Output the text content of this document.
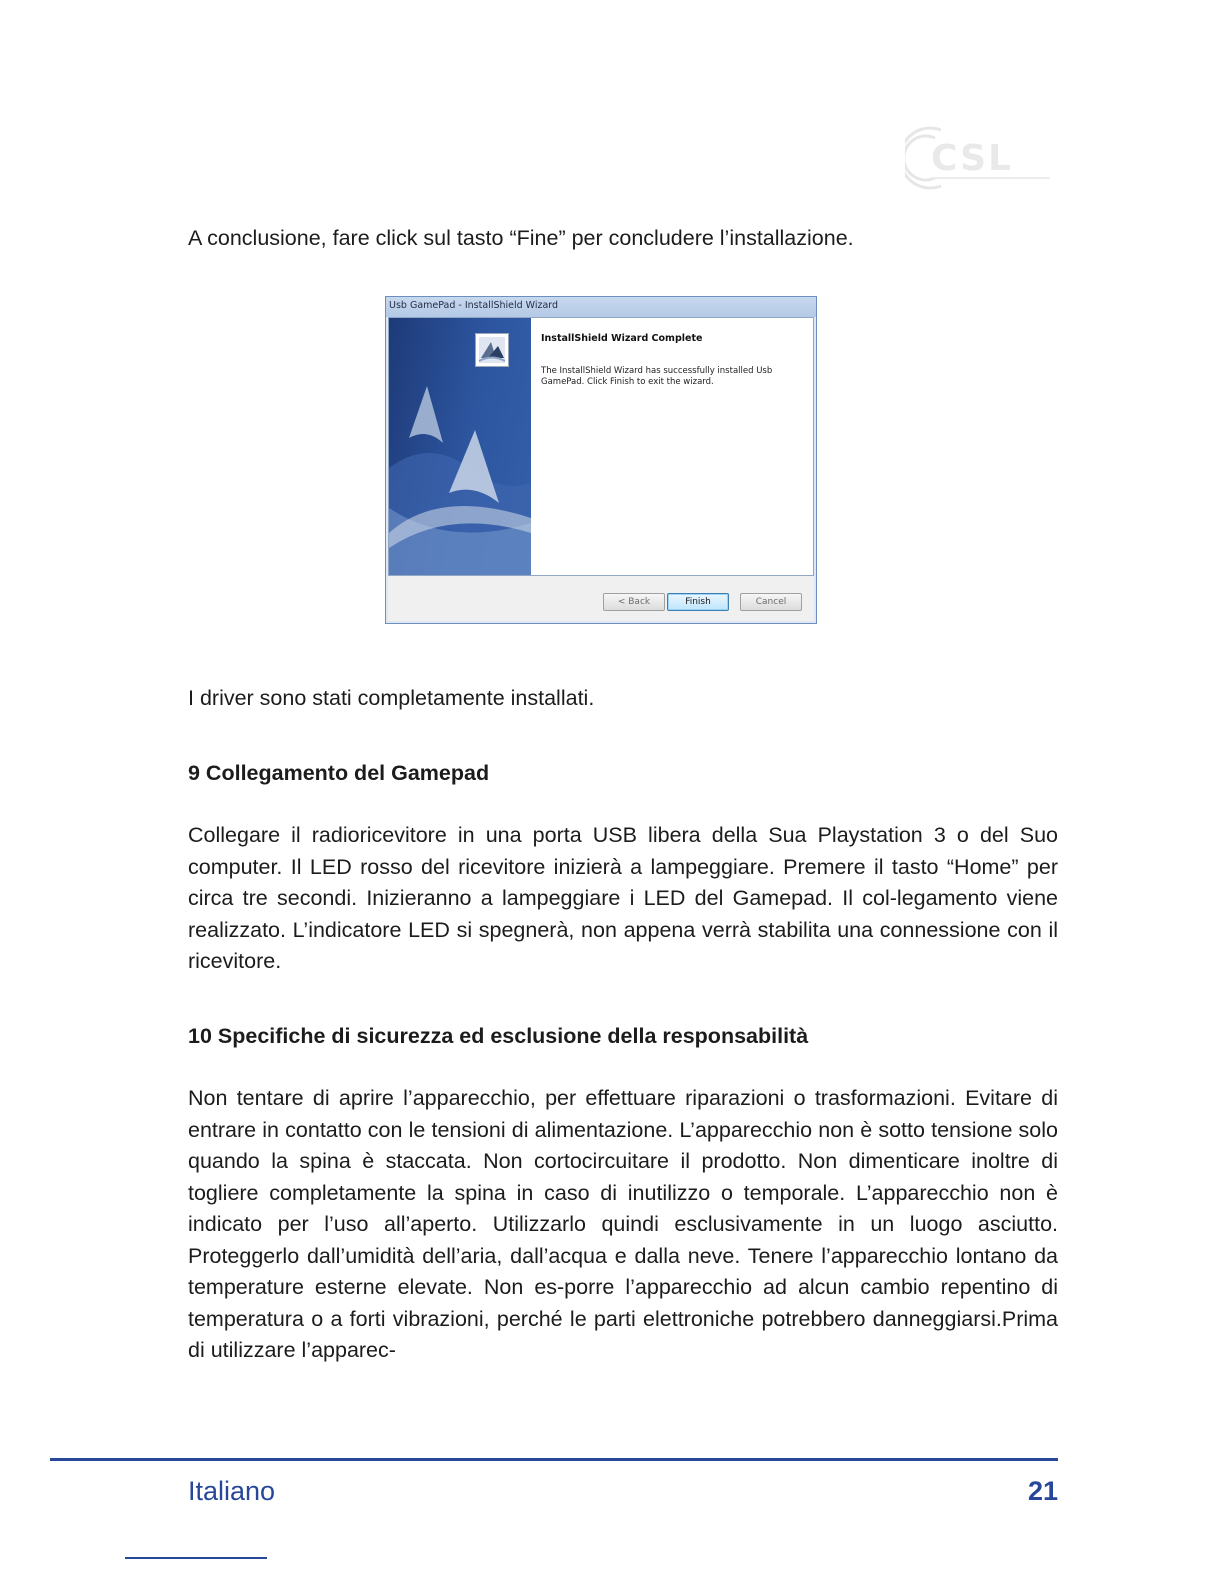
CSL

A conclusione, fare click sul tasto “Fine” per concludere l’installazione.

Usb GamePad - InstallShield Wizard
InstallShield Wizard Complete
The InstallShield Wizard has successfully installed Usb GamePad. Click Finish to exit the wizard.
< Back	Finish	Cancel

I driver sono stati completamente installati.

9 Collegamento del Gamepad

Collegare il radioricevitore in una porta USB libera della Sua Playstation 3 o del Suo computer. Il LED rosso del ricevitore inizierà a lampeggiare. Premere il tasto “Home” per circa tre secondi. Inizieranno a lampeggiare i LED del Gamepad. Il col-legamento viene realizzato. L’indicatore LED si spegnerà, non appena verrà stabilita una connessione con il ricevitore.

10 Specifiche di sicurezza ed esclusione della responsabilità

Non tentare di aprire l’apparecchio, per effettuare riparazioni o trasformazioni. Evitare di entrare in contatto con le tensioni di alimentazione. L’apparecchio non è sotto tensione solo quando la spina è staccata. Non cortocircuitare il prodotto. Non dimenticare inoltre di togliere completamente la spina in caso di inutilizzo o temporale. L’apparecchio non è indicato per l’uso all’aperto. Utilizzarlo quindi esclusivamente in un luogo asciutto. Proteggerlo dall’umidità dell’aria, dall’acqua e dalla neve. Tenere l’apparecchio lontano da temperature esterne elevate. Non es-porre l’apparecchio ad alcun cambio repentino di temperatura o a forti vibrazioni, perché le parti elettroniche potrebbero danneggiarsi.Prima di utilizzare l’apparec-

Italiano	21
